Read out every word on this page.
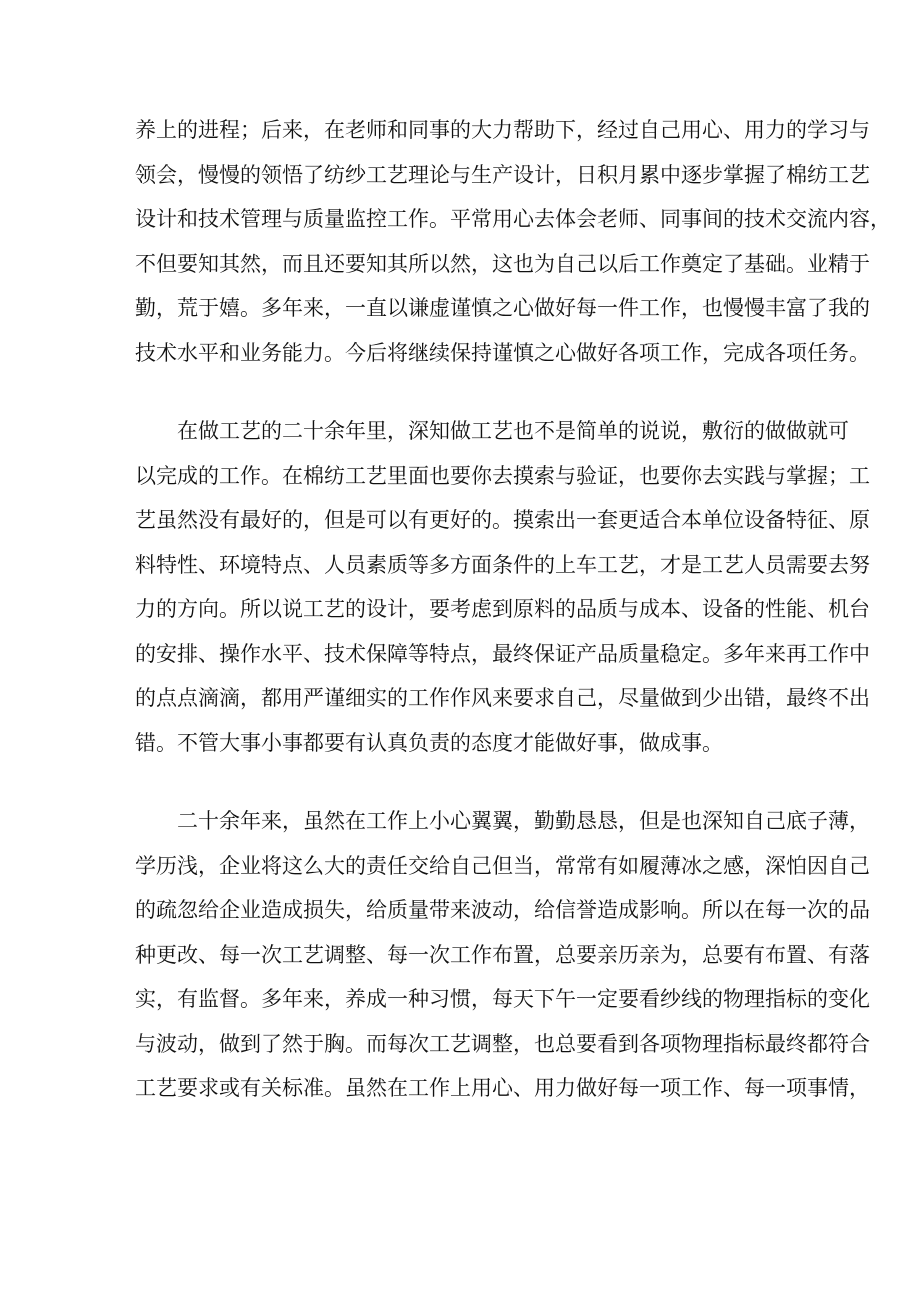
养上的进程；后来，在老师和同事的大力帮助下，经过自己用心、用力的学习与
领会，慢慢的领悟了纺纱工艺理论与生产设计，日积月累中逐步掌握了棉纺工艺
设计和技术管理与质量监控工作。平常用心去体会老师、同事间的技术交流内容，
不但要知其然，而且还要知其所以然，这也为自己以后工作奠定了基础。业精于
勤，荒于嬉。多年来，一直以谦虚谨慎之心做好每一件工作，也慢慢丰富了我的
技术水平和业务能力。今后将继续保持谨慎之心做好各项工作，完成各项任务。
　　在做工艺的二十余年里，深知做工艺也不是简单的说说，敷衍的做做就可
以完成的工作。在棉纺工艺里面也要你去摸索与验证，也要你去实践与掌握；工
艺虽然没有最好的，但是可以有更好的。摸索出一套更适合本单位设备特征、原
料特性、环境特点、人员素质等多方面条件的上车工艺，才是工艺人员需要去努
力的方向。所以说工艺的设计，要考虑到原料的品质与成本、设备的性能、机台
的安排、操作水平、技术保障等特点，最终保证产品质量稳定。多年来再工作中
的点点滴滴，都用严谨细实的工作作风来要求自己，尽量做到少出错，最终不出
错。不管大事小事都要有认真负责的态度才能做好事，做成事。
　　二十余年来，虽然在工作上小心翼翼，勤勤恳恳，但是也深知自己底子薄，
学历浅，企业将这么大的责任交给自己但当，常常有如履薄冰之感，深怕因自己
的疏忽给企业造成损失，给质量带来波动，给信誉造成影响。所以在每一次的品
种更改、每一次工艺调整、每一次工作布置，总要亲历亲为，总要有布置、有落
实，有监督。多年来，养成一种习惯，每天下午一定要看纱线的物理指标的变化
与波动，做到了然于胸。而每次工艺调整，也总要看到各项物理指标最终都符合
工艺要求或有关标准。虽然在工作上用心、用力做好每一项工作、每一项事情，
